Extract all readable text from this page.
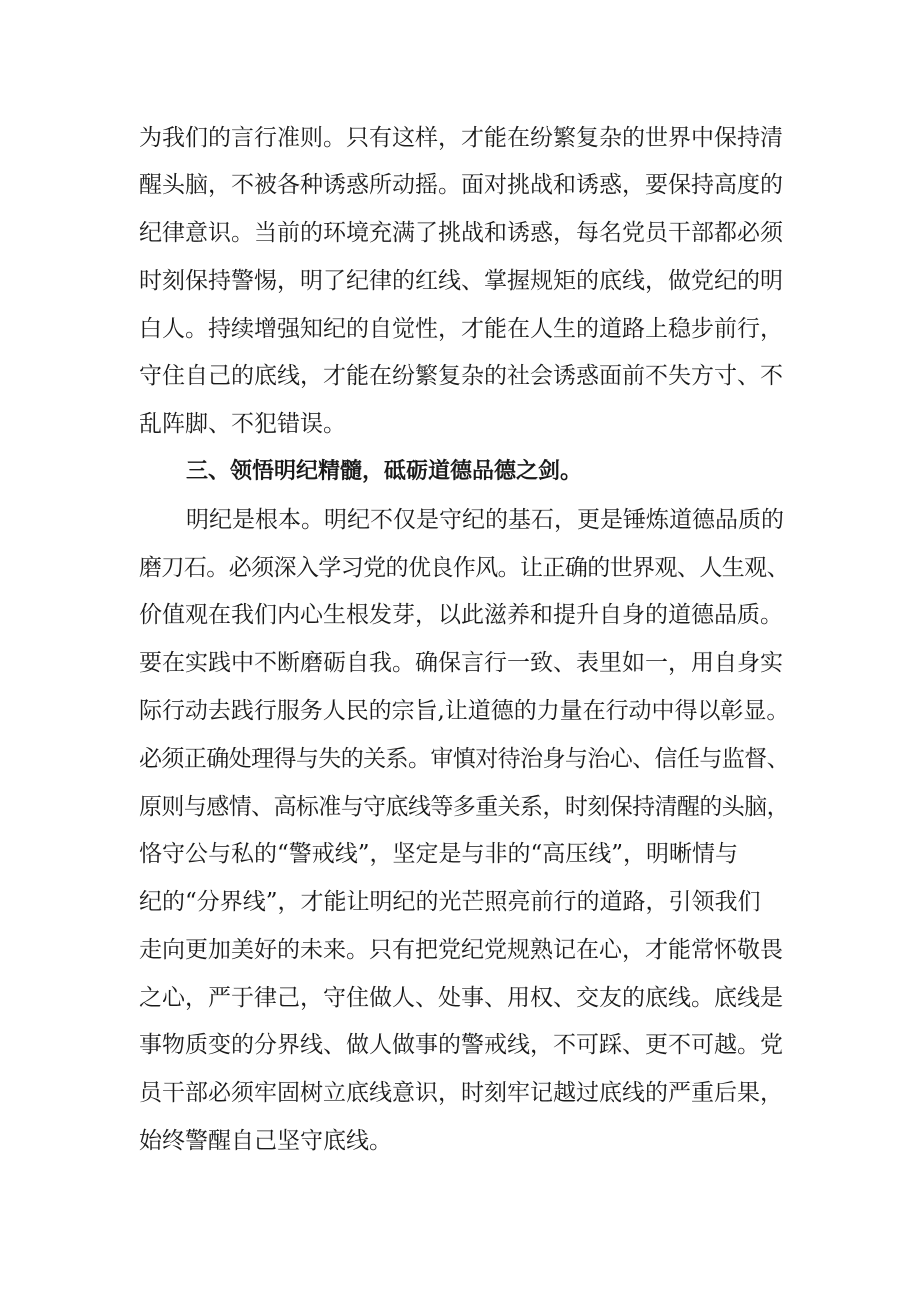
为我们的言行准则。只有这样，才能在纷繁复杂的世界中保持清
醒头脑，不被各种诱惑所动摇。面对挑战和诱惑，要保持高度的
纪律意识。当前的环境充满了挑战和诱惑，每名党员干部都必须
时刻保持警惕，明了纪律的红线、掌握规矩的底线，做党纪的明
白人。持续增强知纪的自觉性，才能在人生的道路上稳步前行，
守住自己的底线，才能在纷繁复杂的社会诱惑面前不失方寸、不
乱阵脚、不犯错误。
三、领悟明纪精髓，砥砺道德品德之剑。
明纪是根本。明纪不仅是守纪的基石，更是锤炼道德品质的
磨刀石。必须深入学习党的优良作风。让正确的世界观、人生观、
价值观在我们内心生根发芽，以此滋养和提升自身的道德品质。
要在实践中不断磨砺自我。确保言行一致、表里如一，用自身实
际行动去践行服务人民的宗旨,让道德的力量在行动中得以彰显。
必须正确处理得与失的关系。审慎对待治身与治心、信任与监督、
原则与感情、高标准与守底线等多重关系，时刻保持清醒的头脑，
恪守公与私的“警戒线”，坚定是与非的“高压线”，明晰情与
纪的“分界线”，才能让明纪的光芒照亮前行的道路，引领我们
走向更加美好的未来。只有把党纪党规熟记在心，才能常怀敬畏
之心，严于律己，守住做人、处事、用权、交友的底线。底线是
事物质变的分界线、做人做事的警戒线，不可踩、更不可越。党
员干部必须牢固树立底线意识，时刻牢记越过底线的严重后果，
始终警醒自己坚守底线。
